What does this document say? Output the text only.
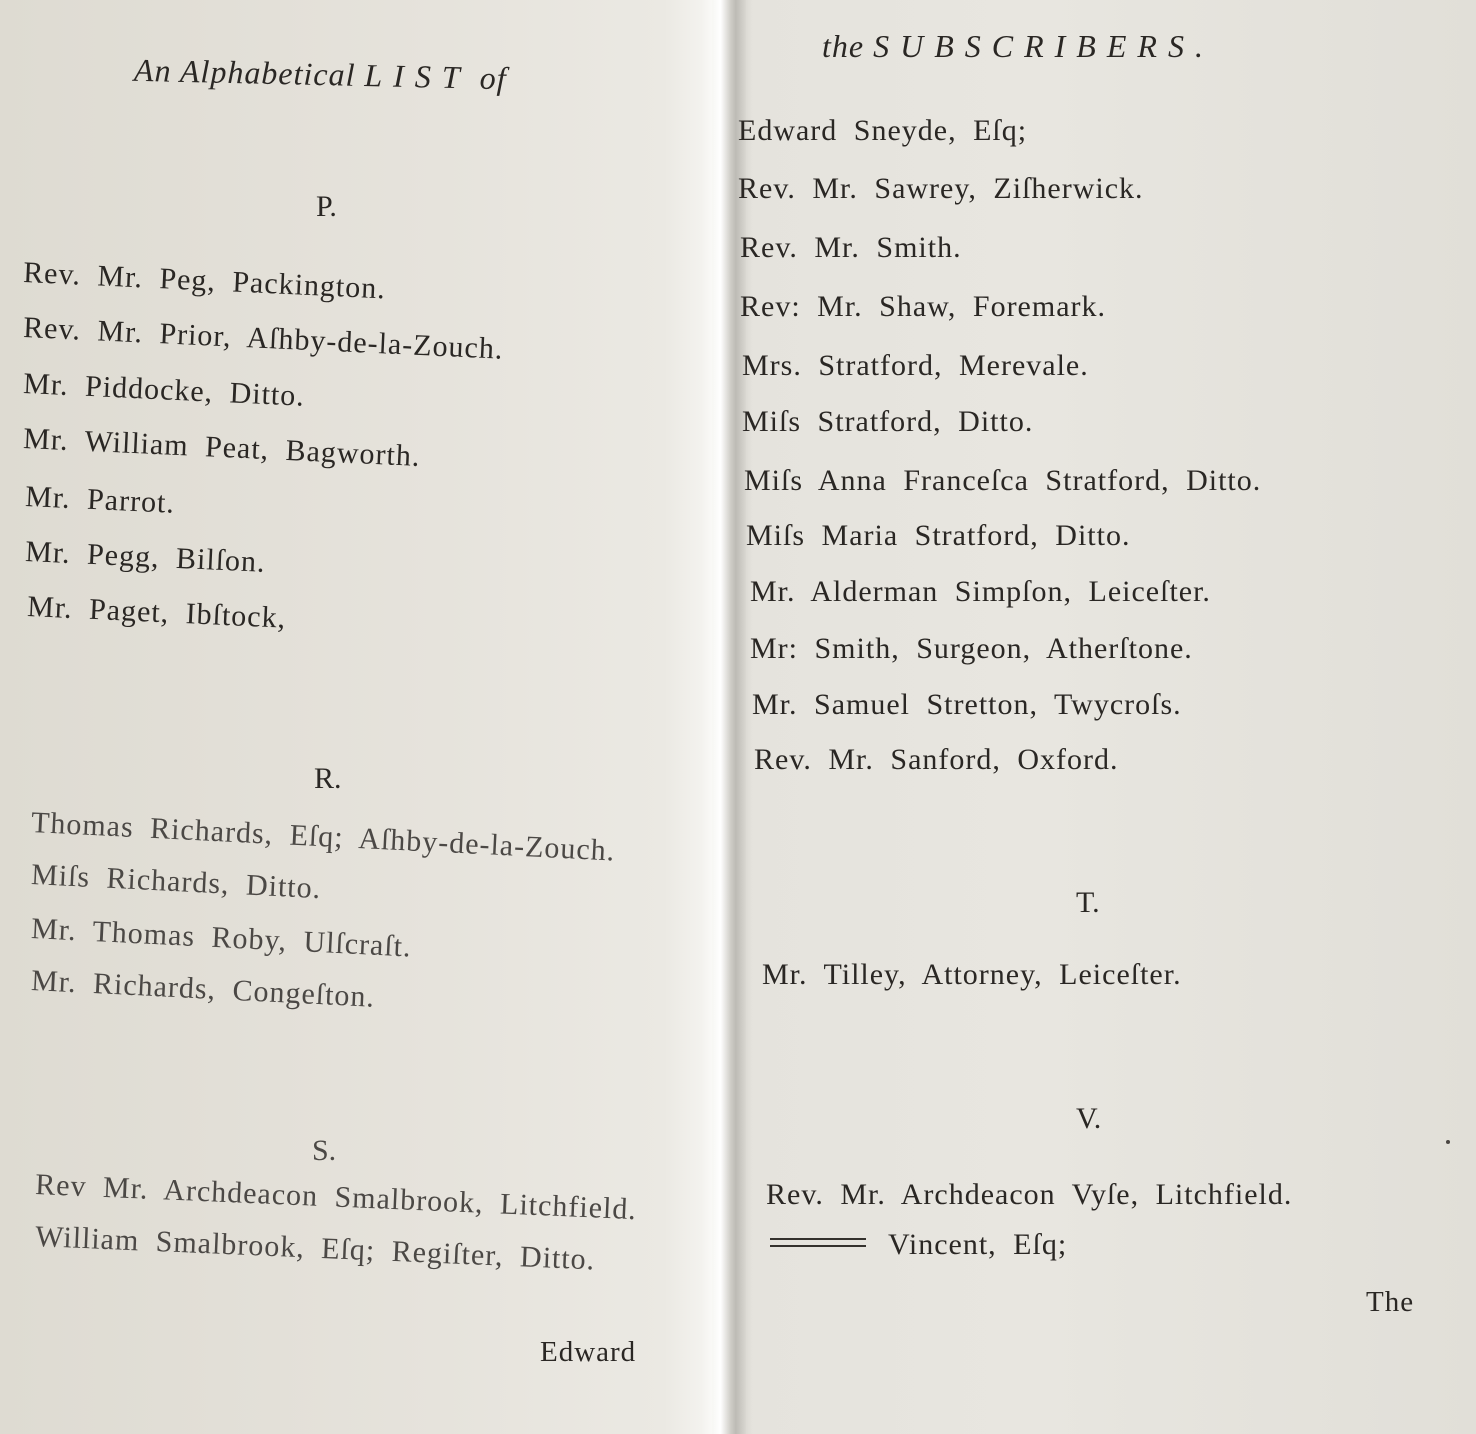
An Alphabetical LIST of
P.
Rev. Mr. Peg, Packington.
Rev. Mr. Prior, Aſhby-de-la-Zouch.
Mr. Piddocke, Ditto.
Mr. William Peat, Bagworth.
Mr. Parrot.
Mr. Pegg, Bilſon.
Mr. Paget, Ibſtock,
R.
Thomas Richards, Eſq; Aſhby-de-la-Zouch.
Miſs Richards, Ditto.
Mr. Thomas Roby, Ulſcraſt.
Mr. Richards, Congeſton.
S.
Rev Mr. Archdeacon Smalbrook, Litchfield.
William Smalbrook, Eſq; Regiſter, Ditto.
Edward
the SUBSCRIBERS.
Edward Sneyde, Eſq;
Rev. Mr. Sawrey, Ziſherwick.
Rev. Mr. Smith.
Rev: Mr. Shaw, Foremark.
Mrs. Stratford, Merevale.
Miſs Stratford, Ditto.
Miſs Anna Franceſca Stratford, Ditto.
Miſs Maria Stratford, Ditto.
Mr. Alderman Simpſon, Leiceſter.
Mr: Smith, Surgeon, Atherſtone.
Mr. Samuel Stretton, Twycroſs.
Rev. Mr. Sanford, Oxford.
T.
Mr. Tilley, Attorney, Leiceſter.
V.
Rev. Mr. Archdeacon Vyſe, Litchfield.
Vincent, Eſq;
The
